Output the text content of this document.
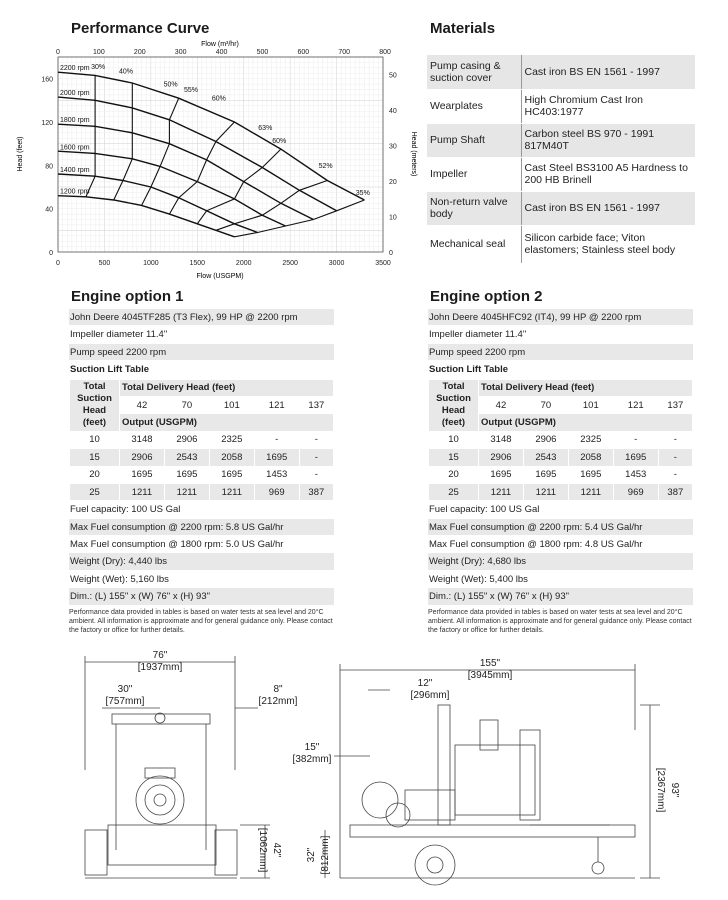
Performance Curve
Flow (m³/hr)
Flow (USGPM)
Head (feet)	Head (meters)
0	500	1000	1500	2000	2500	3000	3500
0	100	200	300	400	500	600	700	800
160
120
80
40
0
50
40
30
20
10
0
2200 rpm
2000 rpm
1800 rpm
1600 rpm
1400 rpm
1200 rpm
30%
40%
50%
55%
60%
63%
60%
52%
35%
Materials
Pump casing & suction cover	Cast iron BS EN 1561 - 1997
Wearplates	High Chromium Cast Iron HC403:1977
Pump Shaft	Carbon steel BS 970 - 1991 817M40T
Impeller	Cast Steel BS3100 A5 Hardness to 200 HB Brinell
Non-return valve body	Cast iron BS EN 1561 - 1997
Mechanical seal	Silicon carbide face; Viton elastomers; Stainless steel body
Engine option 1
John Deere 4045TF285 (T3 Flex), 99 HP @ 2200 rpm
Impeller diameter 11.4"
Pump speed 2200 rpm
Suction Lift Table
Total Suction Head (feet)	Total Delivery Head (feet)				
	42	70	101	121	137
	Output (USGPM)				
10	3148	2906	2325	-	-
15	2906	2543	2058	1695	-
20	1695	1695	1695	1453	-
25	1211	1211	1211	969	387
Fuel capacity: 100 US Gal
Max Fuel consumption @ 2200 rpm: 5.8 US Gal/hr
Max Fuel consumption @ 1800 rpm: 5.0 US Gal/hr
Weight (Dry): 4,440 lbs
Weight (Wet): 5,160 lbs
Dim.: (L) 155" x (W) 76" x (H) 93"
Performance data provided in tables is based on water tests at sea level and 20°C ambient. All information is approximate and for general guidance only. Please contact the factory or office for further details.
Engine option 2
John Deere 4045HFC92 (IT4), 99 HP @ 2200 rpm
Impeller diameter 11.4"
Pump speed 2200 rpm
Suction Lift Table
Total Suction Head (feet)	Total Delivery Head (feet)				
	42	70	101	121	137
	Output (USGPM)				
10	3148	2906	2325	-	-
15	2906	2543	2058	1695	-
20	1695	1695	1695	1453	-
25	1211	1211	1211	969	387
Fuel capacity: 100 US Gal
Max Fuel consumption @ 2200 rpm: 5.4 US Gal/hr
Max Fuel consumption @ 1800 rpm: 4.8 US Gal/hr
Weight (Dry): 4,680 lbs
Weight (Wet): 5,400 lbs
Dim.: (L) 155" x (W) 76" x (H) 93"
Performance data provided in tables is based on water tests at sea level and 20°C ambient. All information is approximate and for general guidance only. Please contact the factory or office for further details.
76"
[1937mm]
30"
[757mm]
8"
[212mm]
42"
[1062mm]
155"
[3945mm]
12"
[296mm]
15"
[382mm]
32" [812mm]
93"
[2367mm]
